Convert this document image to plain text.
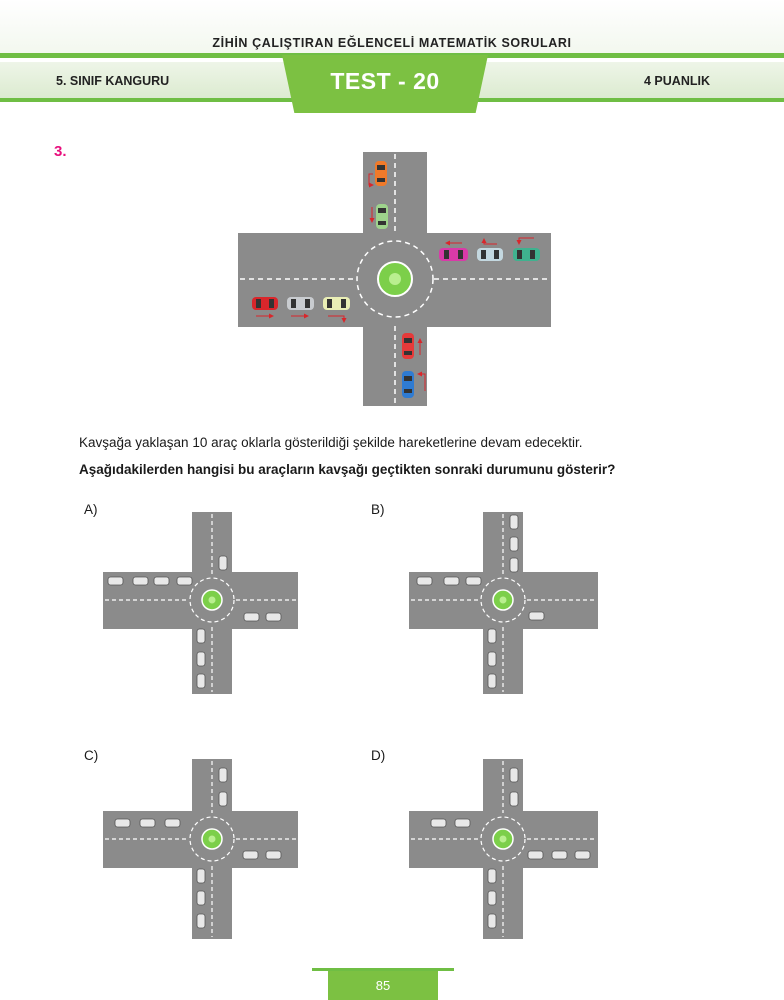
ZİHİN ÇALIŞTIRAN EĞLENCELİ MATEMATİK SORULARI
5. SINIF KANGURU	4 PUANLIK
TEST - 20
3.
Kavşağa yaklaşan 10 araç oklarla gösterildiği şekilde hareketlerine devam edecektir.
Aşağıdakilerden hangisi bu araçların kavşağı geçtikten sonraki durumunu gösterir?
A)	B)
C)	D)
85
